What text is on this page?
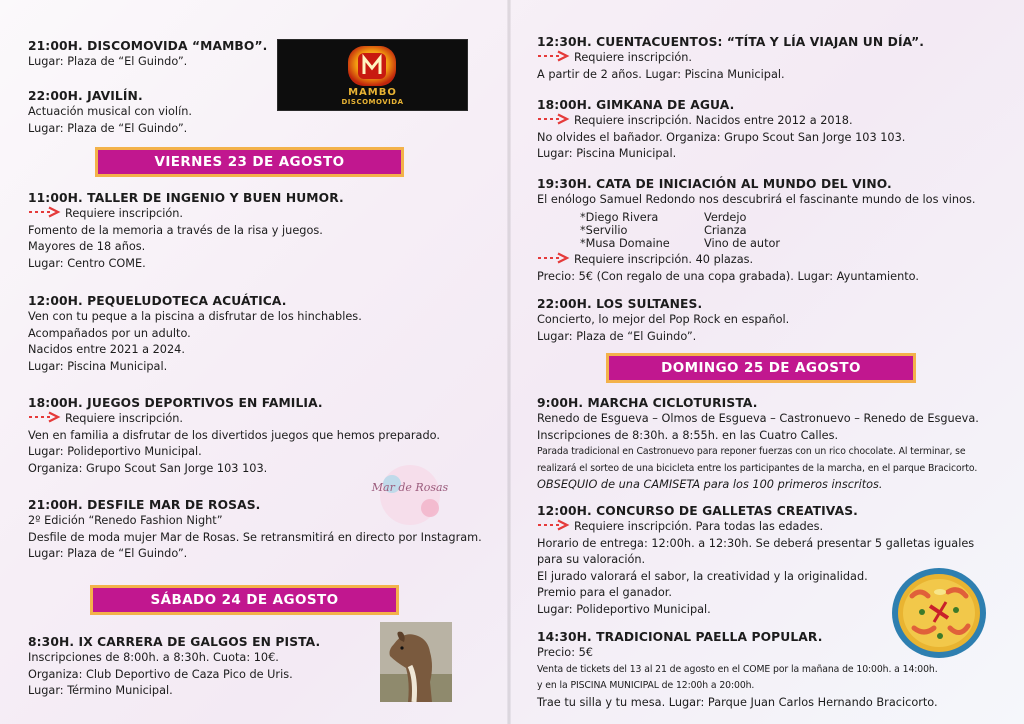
21:00H. DISCOMOVIDA “MAMBO”.

Lugar: Plaza de “El Guindo”.

MAMBO
DISCOMOVIDA

22:00H. JAVILÍN.

Actuación musical con violín.

Lugar: Plaza de “El Guindo”.

VIERNES 23 DE AGOSTO

11:00H. TALLER DE INGENIO Y BUEN HUMOR.

Requiere inscripción.

Fomento de la memoria a través de la risa y juegos.

Mayores de 18 años.

Lugar: Centro COME.

12:00H. PEQUELUDOTECA ACUÁTICA.

Ven con tu peque a la piscina a disfrutar de los hinchables.

Acompañados por un adulto.

Nacidos entre 2021 a 2024.

Lugar: Piscina Municipal.

18:00H. JUEGOS DEPORTIVOS EN FAMILIA.

Requiere inscripción.

Ven en familia a disfrutar de los divertidos juegos que hemos preparado.

Lugar: Polideportivo Municipal.

Organiza: Grupo Scout San Jorge 103 103.

Mar de Rosas

21:00H. DESFILE MAR DE ROSAS.

2º Edición “Renedo Fashion Night”

Desfile de moda mujer Mar de Rosas. Se retransmitirá en directo por Instagram.

Lugar: Plaza de “El Guindo”.

SÁBADO 24 DE AGOSTO

8:30H. IX CARRERA DE GALGOS EN PISTA.

Inscripciones de 8:00h. a 8:30h. Cuota: 10€.

Organiza: Club Deportivo de Caza Pico de Uris.

Lugar: Término Municipal.

12:30H. CUENTACUENTOS: “TÍTA Y LÍA VIAJAN UN DÍA”.

Requiere inscripción.

A partir de 2 años. Lugar: Piscina Municipal.

18:00H. GIMKANA DE AGUA.

Requiere inscripción. Nacidos entre 2012 a 2018.

No olvides el bañador. Organiza: Grupo Scout San Jorge 103 103.

Lugar: Piscina Municipal.

19:30H. CATA DE INICIACIÓN AL MUNDO DEL VINO.

El enólogo Samuel Redondo nos descubrirá el fascinante mundo de los vinos.

*Diego Rivera	Verdejo
*Servilio	Crianza
*Musa Domaine	Vino de autor

Requiere inscripción. 40 plazas.

Precio: 5€ (Con regalo de una copa grabada). Lugar: Ayuntamiento.

22:00H. LOS SULTANES.

Concierto, lo mejor del Pop Rock en español.

Lugar: Plaza de “El Guindo”.

DOMINGO 25 DE AGOSTO

9:00H. MARCHA CICLOTURISTA.

Renedo de Esgueva – Olmos de Esgueva – Castronuevo – Renedo de Esgueva.

Inscripciones de 8:30h. a 8:55h. en las Cuatro Calles.

Parada tradicional en Castronuevo para reponer fuerzas con un rico chocolate. Al terminar, se

realizará el sorteo de una bicicleta entre los participantes de la marcha, en el parque Bracicorto.

OBSEQUIO de una CAMISETA para los 100 primeros inscritos.

12:00H. CONCURSO DE GALLETAS CREATIVAS.

Requiere inscripción. Para todas las edades.

Horario de entrega: 12:00h. a 12:30h. Se deberá presentar 5 galletas iguales

para su valoración.

El jurado valorará el sabor, la creatividad y la originalidad.

Premio para el ganador.

Lugar: Polideportivo Municipal.

14:30H. TRADICIONAL PAELLA POPULAR.

Precio: 5€

Venta de tickets del 13 al 21 de agosto en el COME por la mañana de 10:00h. a 14:00h.

y en la PISCINA MUNICIPAL de 12:00h a 20:00h.

Trae tu silla y tu mesa. Lugar: Parque Juan Carlos Hernando Bracicorto.
